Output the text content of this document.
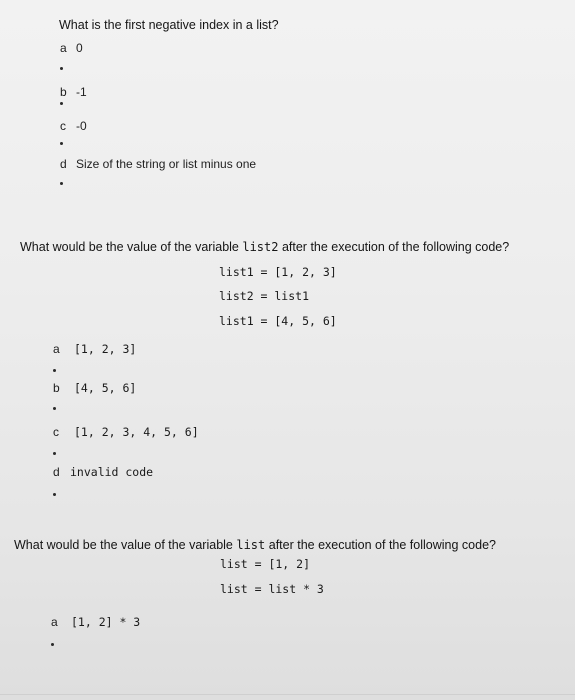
What is the first negative index in a list?
a 0
b -1
c -0
d Size of the string or list minus one
What would be the value of the variable list2 after the execution of the following code?
list1 = [1, 2, 3]
list2 = list1
list1 = [4, 5, 6]
a [1, 2, 3]
b [4, 5, 6]
c [1, 2, 3, 4, 5, 6]
d invalid code
What would be the value of the variable list after the execution of the following code?
list = [1, 2]
list = list * 3
a [1, 2] * 3
